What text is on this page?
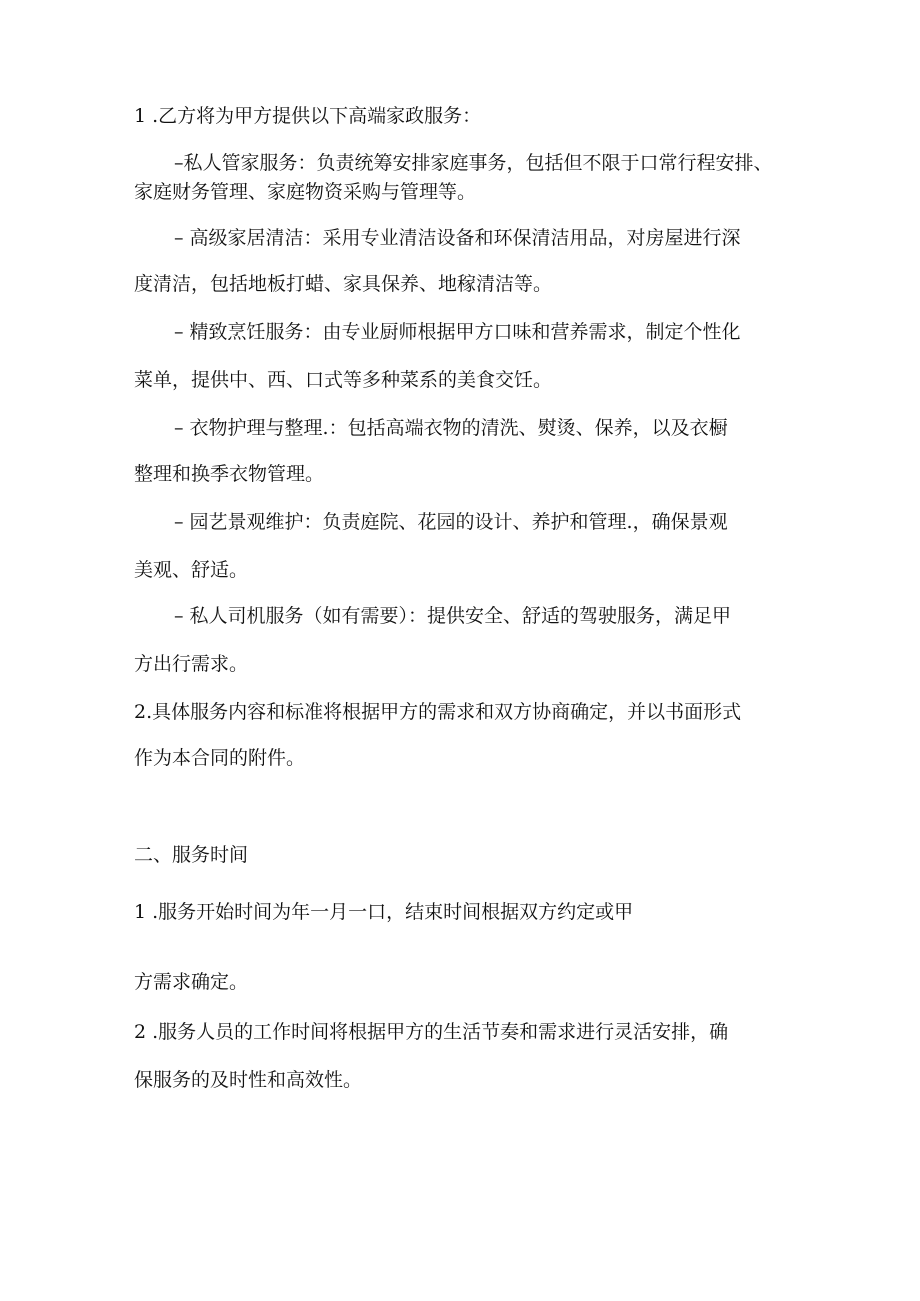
1 .乙方将为甲方提供以下高端家政服务：
–私人管家服务：负责统筹安排家庭事务，包括但不限于口常行程安排、
家庭财务管理、家庭物资采购与管理等。
– 高级家居清洁：采用专业清洁设备和环保清洁用品，对房屋进行深
度清洁，包括地板打蜡、家具保养、地稼清洁等。
– 精致烹饪服务：由专业厨师根据甲方口味和营养需求，制定个性化
菜单，提供中、西、口式等多种菜系的美食交饪。
– 衣物护理与整理.：包括高端衣物的清洗、熨烫、保养，以及衣橱
整理和换季衣物管理。
– 园艺景观维护：负责庭院、花园的设计、养护和管理.，确保景观
美观、舒适。
– 私人司机服务（如有需要）：提供安全、舒适的驾驶服务，满足甲
方出行需求。
2.具体服务内容和标准将根据甲方的需求和双方协商确定，并以书面形式
作为本合同的附件。
二、服务时间
1 .服务开始时间为年一月一口，结束时间根据双方约定或甲
方需求确定。
2 .服务人员的工作时间将根据甲方的生活节奏和需求进行灵活安排，确
保服务的及时性和高效性。
